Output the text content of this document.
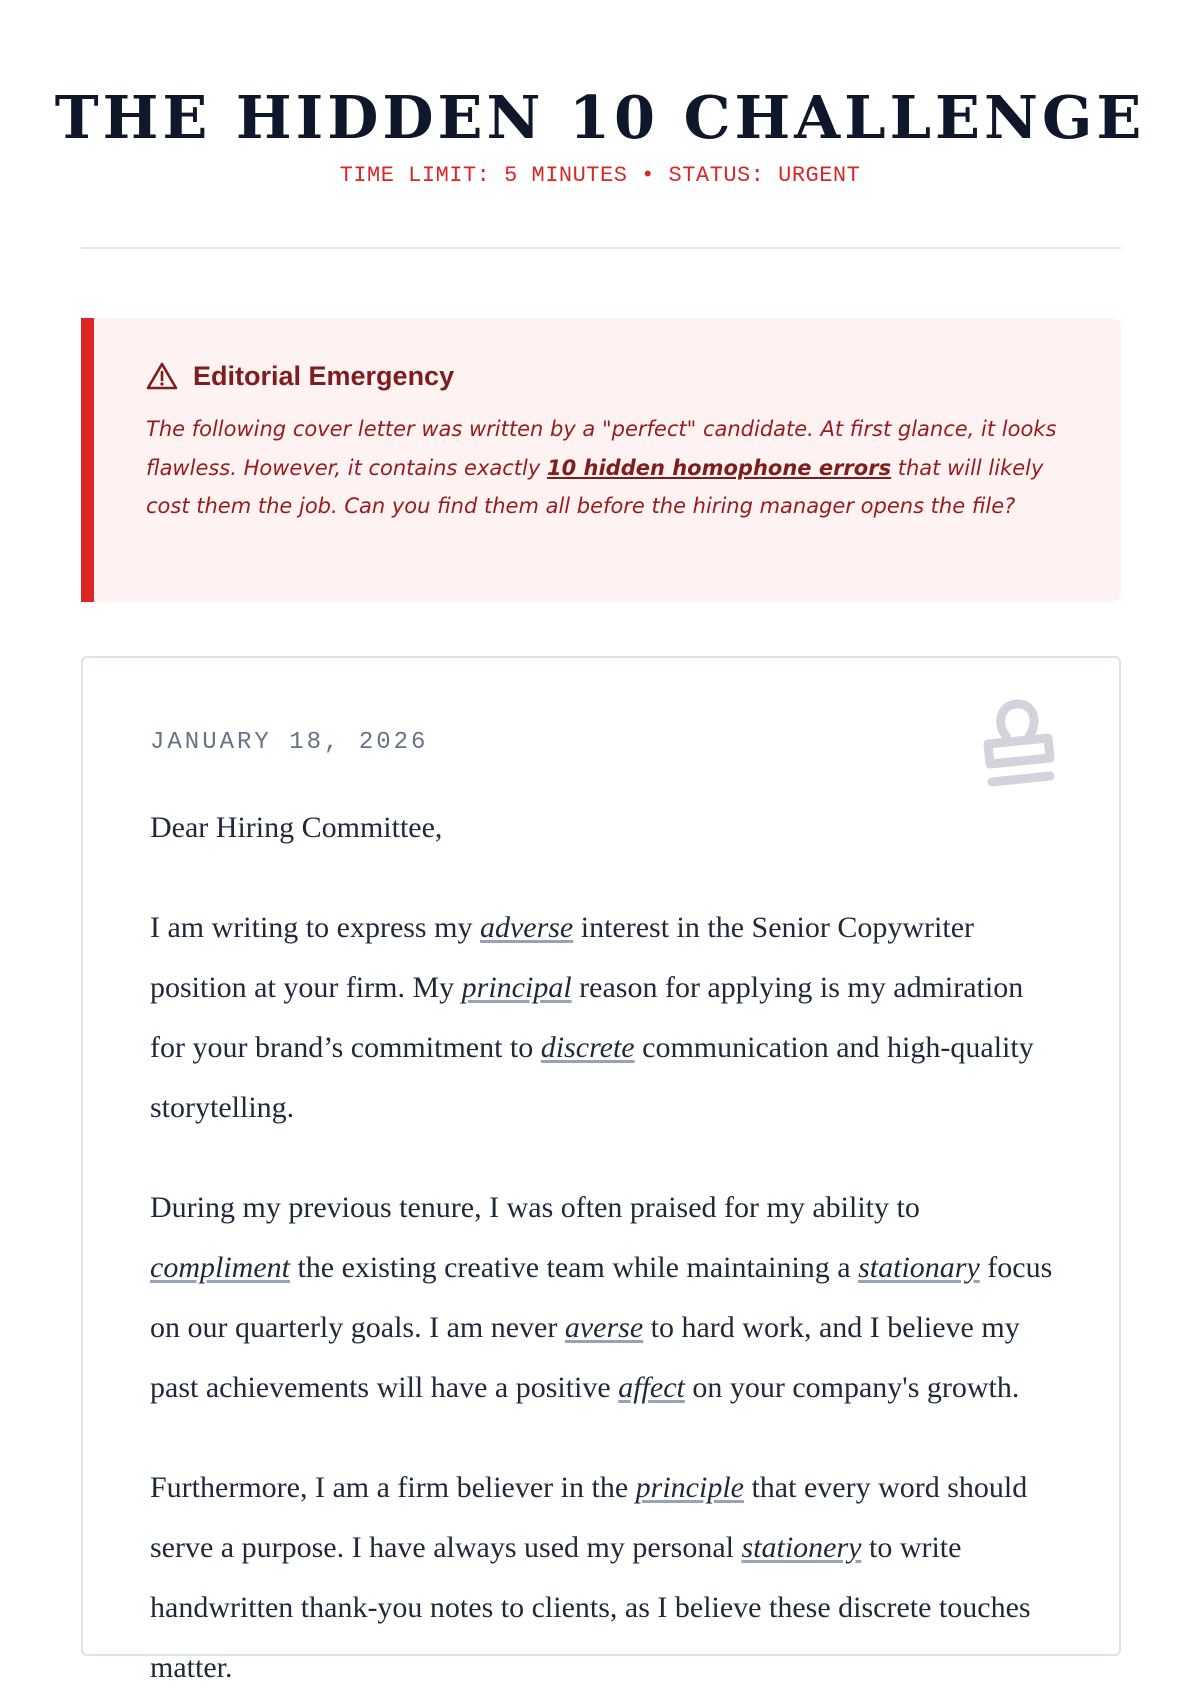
THE HIDDEN 10 CHALLENGE
TIME LIMIT: 5 MINUTES • STATUS: URGENT
Editorial Emergency

The following cover letter was written by a "perfect" candidate. At first glance, it looks flawless. However, it contains exactly 10 hidden homophone errors that will likely cost them the job. Can you find them all before the hiring manager opens the file?

JANUARY 18, 2026
Dear Hiring Committee,

I am writing to express my adverse interest in the Senior Copywriter position at your firm. My principal reason for applying is my admiration for your brand’s commitment to discrete communication and high-quality storytelling.

During my previous tenure, I was often praised for my ability to compliment the existing creative team while maintaining a stationary focus on our quarterly goals. I am never averse to hard work, and I believe my past achievements will have a positive affect on your company's growth.

Furthermore, I am a firm believer in the principle that every word should serve a purpose. I have always used my personal stationery to write handwritten thank-you notes to clients, as I believe these discrete touches matter.
